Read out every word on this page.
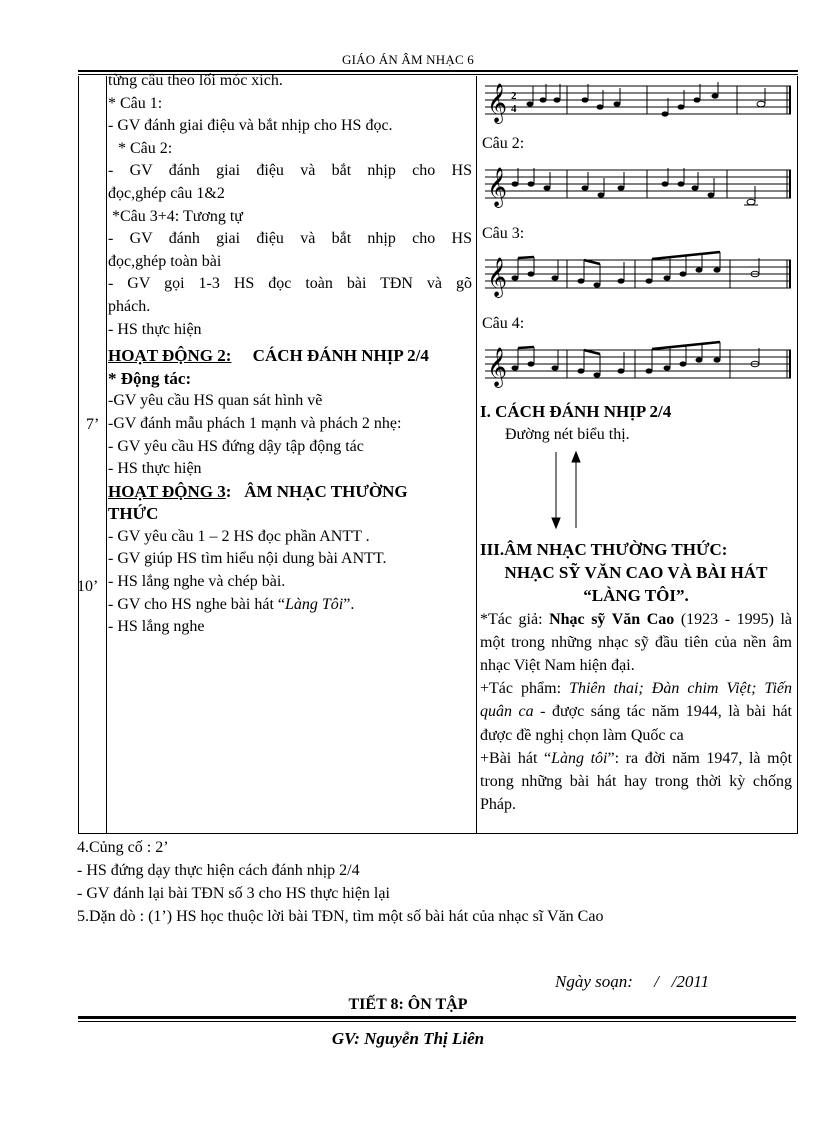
GIÁO ÁN ÂM NHẠC 6
7’
10’

từng câu theo lối móc xích.

* Câu 1:

- GV đánh giai điệu và bắt nhịp cho HS đọc.

* Câu 2:

- GV đánh giai điệu và bắt nhịp cho HS

đọc,ghép câu 1&2

*Câu 3+4: Tương tự

- GV đánh giai điệu và bắt nhịp cho HS

đọc,ghép toàn bài

- GV gọi 1-3 HS đọc toàn bài TĐN và gõ

phách.

- HS thực hiện

HOẠT ĐỘNG 2: CÁCH ĐÁNH NHỊP 2/4

* Động tác:

-GV yêu cầu HS quan sát hình vẽ

-GV đánh mẫu phách 1 mạnh và phách 2 nhẹ:

- GV yêu cầu HS đứng dậy tập động tác

- HS thực hiện

HOẠT ĐỘNG 3: ÂM NHẠC THƯỜNG

THỨC

- GV yêu cầu 1 – 2 HS đọc phần ANTT .

- GV giúp HS tìm hiểu nội dung bài ANTT.

- HS lắng nghe và chép bài.

- GV cho HS nghe bài hát “Làng Tôi”.

- HS lắng nghe

𝄞 2
4
Câu 2:
𝄞
Câu 3:
𝄞
Câu 4:
𝄞

I. CÁCH ĐÁNH NHỊP 2/4

Đường nét biểu thị.

III.ÂM NHẠC THƯỜNG THỨC:

NHẠC SỸ VĂN CAO VÀ BÀI HÁT

“LÀNG TÔI”.

*Tác giả: Nhạc sỹ Văn Cao (1923 - 1995) là một trong những nhạc sỹ đầu tiên của nền âm nhạc Việt Nam hiện đại.

+Tác phẩm: Thiên thai; Đàn chim Việt; Tiến quân ca - được sáng tác năm 1944, là bài hát được đề nghị chọn làm Quốc ca

+Bài hát “Làng tôi”: ra đời năm 1947, là một trong những bài hát hay trong thời kỳ chống Pháp.

4.Củng cố : 2’

- HS đứng dạy thực hiện cách đánh nhịp 2/4

- GV đánh lại bài TĐN số 3 cho HS thực hiện lại

5.Dặn dò : (1’) HS học thuộc lời bài TĐN, tìm một số bài hát của nhạc sĩ Văn Cao

Ngày soạn:     /   /2011
TIẾT 8: ÔN TẬP
GV: Nguyễn Thị Liên
